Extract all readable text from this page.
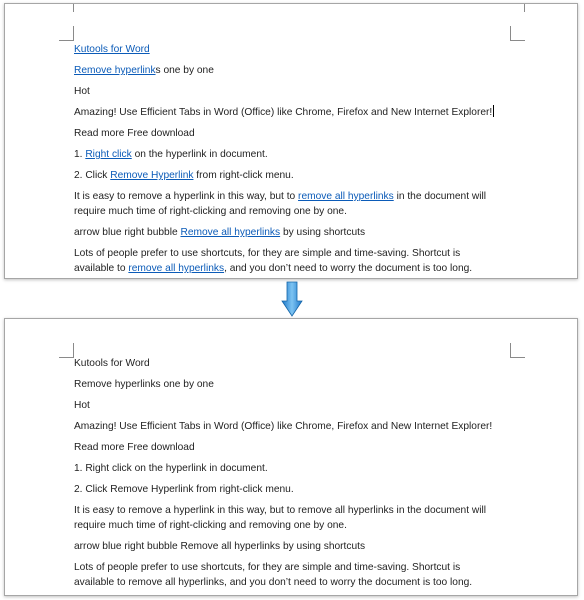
Kutools for Word

Remove hyperlinks one by one

Hot

Amazing! Use Efficient Tabs in Word (Office) like Chrome, Firefox and New Internet Explorer!

Read more Free download

1. Right click on the hyperlink in document.

2. Click Remove Hyperlink from right-click menu.

It is easy to remove a hyperlink in this way, but to remove all hyperlinks in the document will require much time of right-clicking and removing one by one.

arrow blue right bubble Remove all hyperlinks by using shortcuts

Lots of people prefer to use shortcuts, for they are simple and time-saving. Shortcut is available to remove all hyperlinks, and you don’t need to worry the document is too long.

Kutools for Word

Remove hyperlinks one by one

Hot

Amazing! Use Efficient Tabs in Word (Office) like Chrome, Firefox and New Internet Explorer!

Read more Free download

1. Right click on the hyperlink in document.

2. Click Remove Hyperlink from right-click menu.

It is easy to remove a hyperlink in this way, but to remove all hyperlinks in the document will require much time of right-clicking and removing one by one.

arrow blue right bubble Remove all hyperlinks by using shortcuts

Lots of people prefer to use shortcuts, for they are simple and time-saving. Shortcut is available to remove all hyperlinks, and you don’t need to worry the document is too long.
